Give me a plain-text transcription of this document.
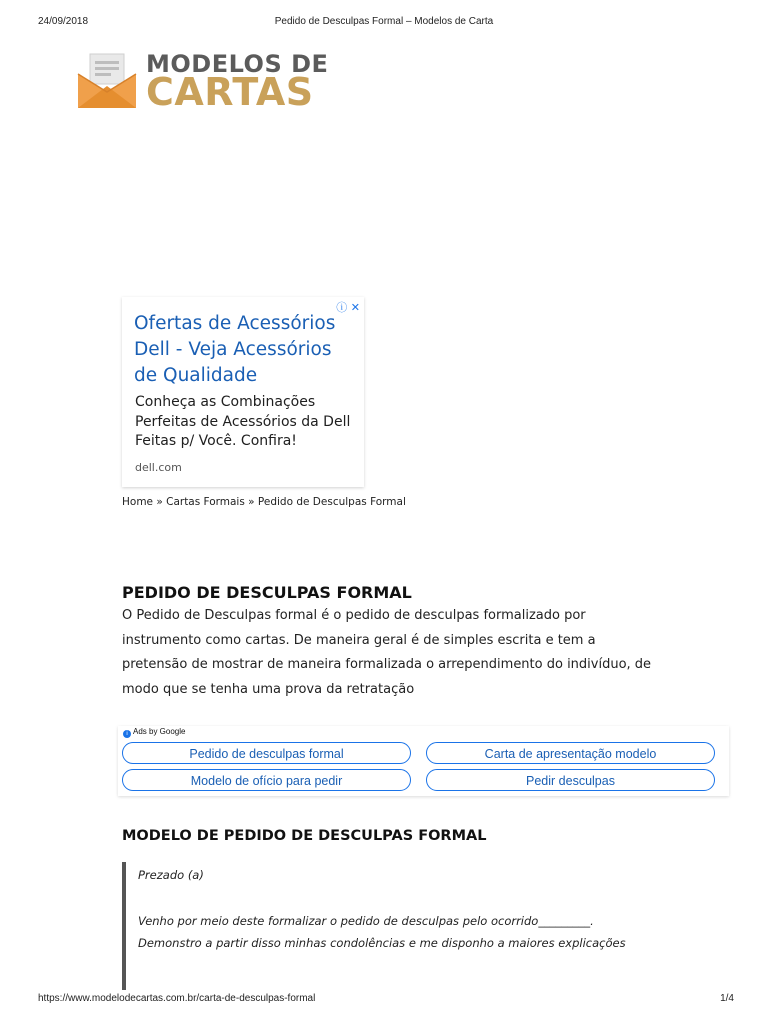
24/09/2018	Pedido de Desculpas Formal – Modelos de Carta
MODELOS DE
CARTAS
ⓘ ✕
Ofertas de Acessórios Dell - Veja Acessórios de Qualidade
Conheça as Combinações Perfeitas de Acessórios da Dell Feitas p/ Você. Confira!
dell.com
Home » Cartas Formais » Pedido de Desculpas Formal
PEDIDO DE DESCULPAS FORMAL

O Pedido de Desculpas formal é o pedido de desculpas formalizado por

instrumento como cartas. De maneira geral é de simples escrita e tem a

pretensão de mostrar de maneira formalizada o arrependimento do indivíduo, de

modo que se tenha uma prova da retratação

i Ads by Google
Pedido de desculpas formal	Carta de apresentação modelo
Modelo de ofício para pedir	Pedir desculpas
MODELO DE PEDIDO DE DESCULPAS FORMAL
Prezado (a)
Venho por meio deste formalizar o pedido de desculpas pelo ocorrido_________.
Demonstro a partir disso minhas condolências e me disponho a maiores explicações
https://www.modelodecartas.com.br/carta-de-desculpas-formal	1/4
